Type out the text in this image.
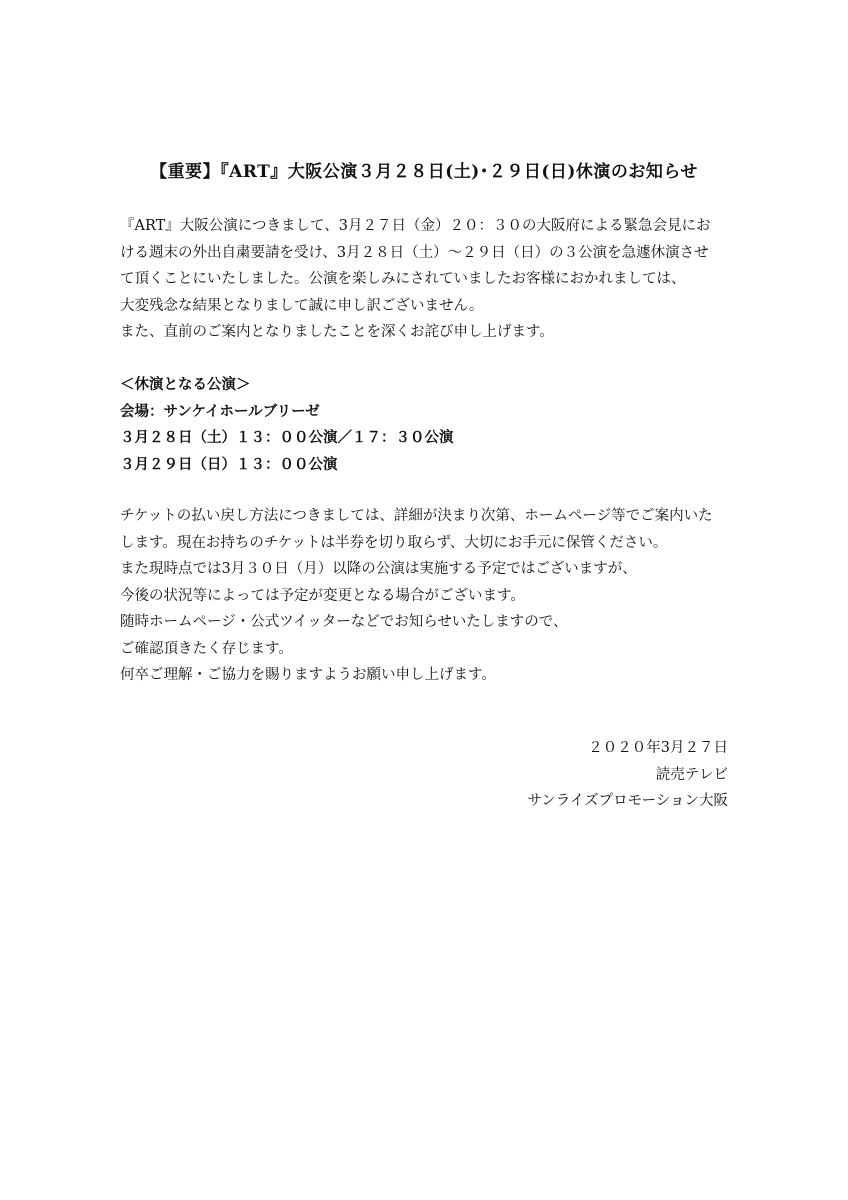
【重要】『ART』大阪公演３月２８日(土)･２９日(日)休演のお知らせ
『ART』大阪公演につきまして、3月２７日（金）２０：３０の大阪府による緊急会見にお
ける週末の外出自粛要請を受け、3月２８日（土）〜２９日（日）の３公演を急遽休演させ
て頂くことにいたしました。公演を楽しみにされていましたお客様におかれましては、
大変残念な結果となりまして誠に申し訳ございません。
また、直前のご案内となりましたことを深くお詫び申し上げます。
＜休演となる公演＞
会場：サンケイホールブリーゼ
３月２８日（土）１３：００公演／１７：３０公演
３月２９日（日）１３：００公演
チケットの払い戻し方法につきましては、詳細が決まり次第、ホームページ等でご案内いた
します。現在お持ちのチケットは半券を切り取らず、大切にお手元に保管ください。
また現時点では3月３０日（月）以降の公演は実施する予定ではございますが、
今後の状況等によっては予定が変更となる場合がございます。
随時ホームページ・公式ツイッターなどでお知らせいたしますので、
ご確認頂きたく存じます。
何卒ご理解・ご協力を賜りますようお願い申し上げます。
２０２０年3月２７日
読売テレビ
サンライズプロモーション大阪
